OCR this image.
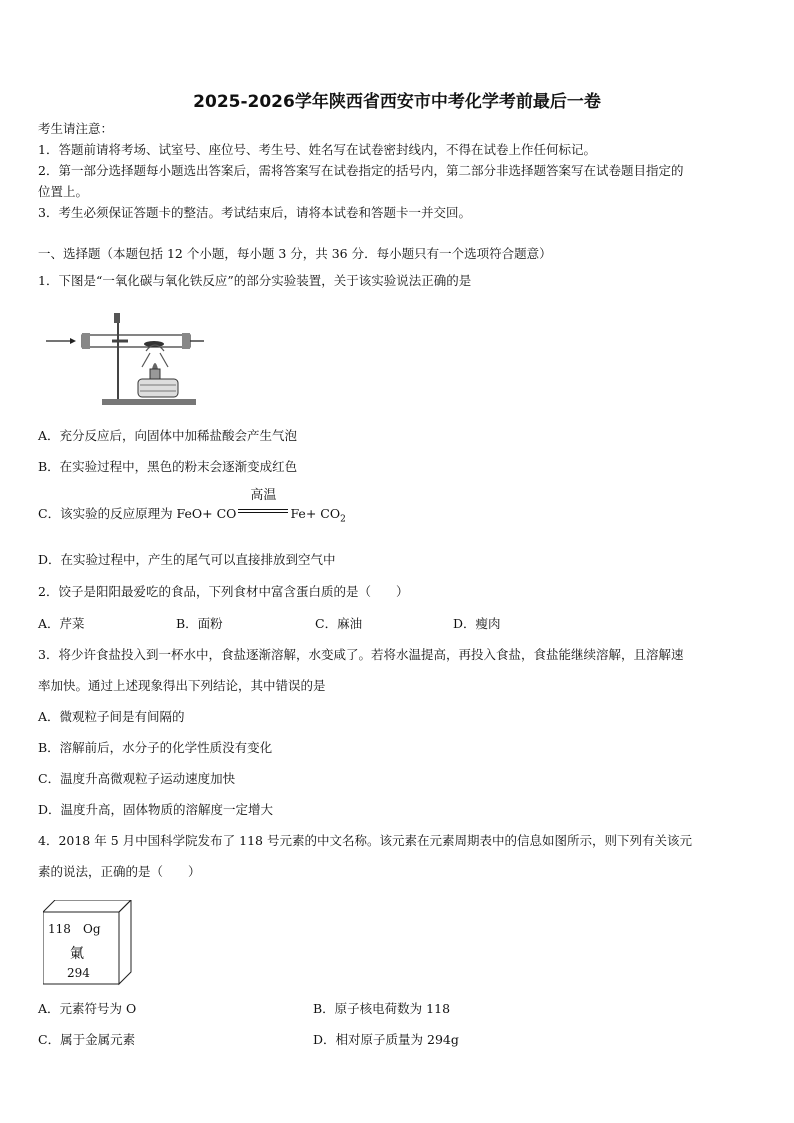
2025-2026学年陕西省西安市中考化学考前最后一卷
考生请注意：
1．答题前请将考场、试室号、座位号、考生号、姓名写在试卷密封线内，不得在试卷上作任何标记。
2．第一部分选择题每小题选出答案后，需将答案写在试卷指定的括号内，第二部分非选择题答案写在试卷题目指定的
位置上。
3．考生必须保证答题卡的整洁。考试结束后，请将本试卷和答题卡一并交回。
一、选择题（本题包括 12 个小题，每小题 3 分，共 36 分．每小题只有一个选项符合题意）
1．下图是“一氧化碳与氧化铁反应”的部分实验装置，关于该实验说法正确的是
A．充分反应后，向固体中加稀盐酸会产生气泡
B．在实验过程中，黑色的粉末会逐渐变成红色
C．该实验的反应原理为 FeO+ CO
高温
$Fe+ CO_2$
D．在实验过程中，产生的尾气可以直接排放到空气中
2．饺子是阳阳最爱吃的食品，下列食材中富含蛋白质的是（　　）
A．芹菜	B．面粉	C．麻油	D．瘦肉
3．将少许食盐投入到一杯水中，食盐逐渐溶解，水变咸了。若将水温提高，再投入食盐，食盐能继续溶解，且溶解速
率加快。通过上述现象得出下列结论，其中错误的是
A．微观粒子间是有间隔的
B．溶解前后，水分子的化学性质没有变化
C．温度升高微观粒子运动速度加快
D．温度升高，固体物质的溶解度一定增大
4．2018 年 5 月中国科学院发布了 118 号元素的中文名称。该元素在元素周期表中的信息如图所示，则下列有关该元
素的说法，正确的是（　　）
118 Og
氭
294
A．元素符号为 O	B．原子核电荷数为 118
C．属于金属元素	D．相对原子质量为 294g
